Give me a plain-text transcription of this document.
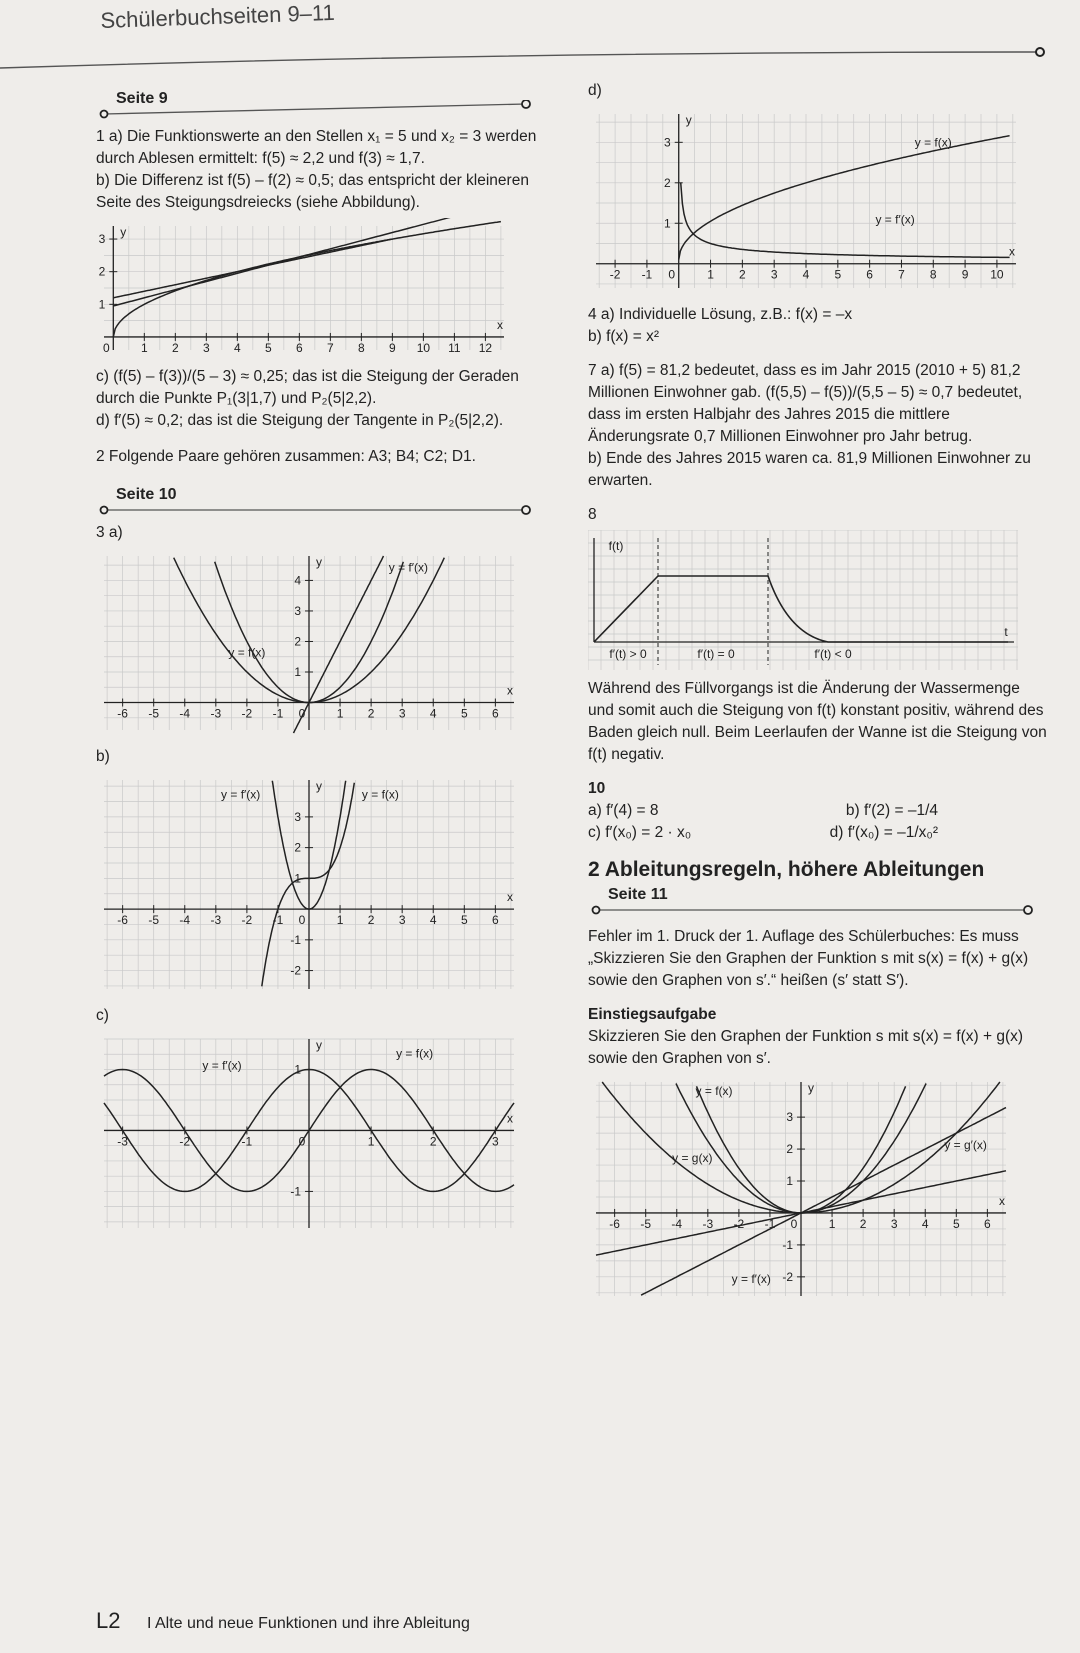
Schülerbuchseiten 9–11
Seite 9

1 a) Die Funktionswerte an den Stellen x₁ = 5 und x₂ = 3 werden durch Ablesen ermittelt: f(5) ≈ 2,2 und f(3) ≈ 1,7.

b) Die Differenz ist f(5) – f(2) ≈ 0,5; das entspricht der kleineren Seite des Steigungsdreiecks (siehe Abbildung).

1 2 3 4 5 6 7 8 9 10 11 12
1
2
3
x
y
0

c) (f(5) – f(3))/(5 – 3) ≈ 0,25; das ist die Steigung der Geraden durch die Punkte P₁(3|1,7) und P₂(5|2,2).

d) f′(5) ≈ 0,2; das ist die Steigung der Tangente in P₂(5|2,2).

2 Folgende Paare gehören zusammen: A3; B4; C2; D1.

Seite 10
3 a)
-6 -5 -4 -3 -2 -1	1 2 3 4 5 6
1
2
3
4
x
y
0
y = f(x)
y = f′(x)
b)
-6 -5 -4 -3 -2 -1	1 2 3 4 5 6
-2
-1
1
2
3
x
y
0
y = f′(x)	y = f(x)
c)
-3	-2	-1	1	2	3
-1
1
x
y
0
y = f′(x)
y = f(x)
d)
-2 -1	1 2 3 4 5 6 7 8 9 10
1
2
3
x
y
0
y = f(x)
y = f′(x)

4 a) Individuelle Lösung, z.B.: f(x) = –x

b) f(x) = x²

7 a) f(5) = 81,2 bedeutet, dass es im Jahr 2015 (2010 + 5) 81,2 Millionen Einwohner gab. (f(5,5) – f(5))/(5,5 – 5) ≈ 0,7 bedeutet, dass im ersten Halbjahr des Jahres 2015 die mittlere Änderungsrate 0,7 Millionen Einwohner pro Jahr betrug.

b) Ende des Jahres 2015 waren ca. 81,9 Millionen Einwohner zu erwarten.

8
f(t)
t
f′(t) > 0	f′(t) = 0	f′(t) < 0
Während des Füllvorgangs ist die Änderung der Wassermenge und somit auch die Steigung von f(t) konstant positiv, während des Baden gleich null. Beim Leerlaufen der Wanne ist die Steigung von f(t) negativ.
10
a) f′(4) = 8	b) f′(2) = –1/4
c) f′(x₀) = 2 · x₀	d) f′(x₀) = –1/x₀²
2 Ableitungsregeln, höhere Ableitungen
Seite 11
Fehler im 1. Druck der 1. Auflage des Schülerbuches: Es muss „Skizzieren Sie den Graphen der Funktion s mit s(x) = f(x) + g(x) sowie den Graphen von s′.“ heißen (s′ statt S′).
Einstiegsaufgabe
Skizzieren Sie den Graphen der Funktion s mit s(x) = f(x) + g(x) sowie den Graphen von s′.
-6 -5 -4 -3 -2 -1	1 2 3 4 5 6
-2
-1
1
2
3
x
y
0
y = f(x)
y = g(x)
y = g′(x)
y = f′(x)
L2 I Alte und neue Funktionen und ihre Ableitung
